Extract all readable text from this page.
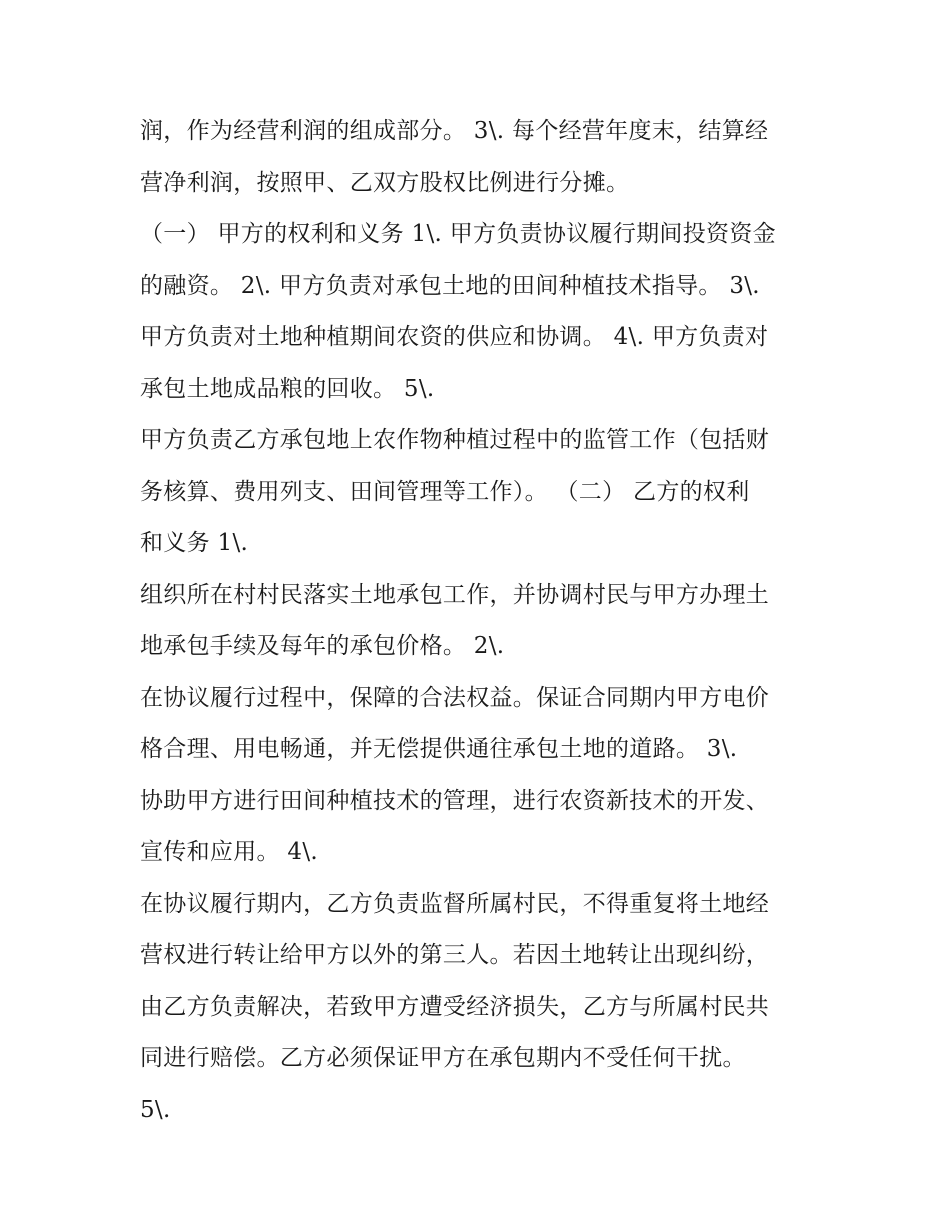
润，作为经营利润的组成部分。 3\. 每个经营年度末，结算经
营净利润，按照甲、乙双方股权比例进行分摊。
（一） 甲方的权利和义务 1\. 甲方负责协议履行期间投资资金
的融资。 2\. 甲方负责对承包土地的田间种植技术指导。 3\.
甲方负责对土地种植期间农资的供应和协调。 4\. 甲方负责对
承包土地成品粮的回收。 5\.
甲方负责乙方承包地上农作物种植过程中的监管工作（包括财
务核算、费用列支、田间管理等工作）。 （二） 乙方的权利
和义务 1\.
组织所在村村民落实土地承包工作，并协调村民与甲方办理土
地承包手续及每年的承包价格。 2\.
在协议履行过程中，保障的合法权益。保证合同期内甲方电价
格合理、用电畅通，并无偿提供通往承包土地的道路。 3\.
协助甲方进行田间种植技术的管理，进行农资新技术的开发、
宣传和应用。 4\.
在协议履行期内，乙方负责监督所属村民，不得重复将土地经
营权进行转让给甲方以外的第三人。若因土地转让出现纠纷，
由乙方负责解决，若致甲方遭受经济损失，乙方与所属村民共
同进行赔偿。乙方必须保证甲方在承包期内不受任何干扰。
5\.
